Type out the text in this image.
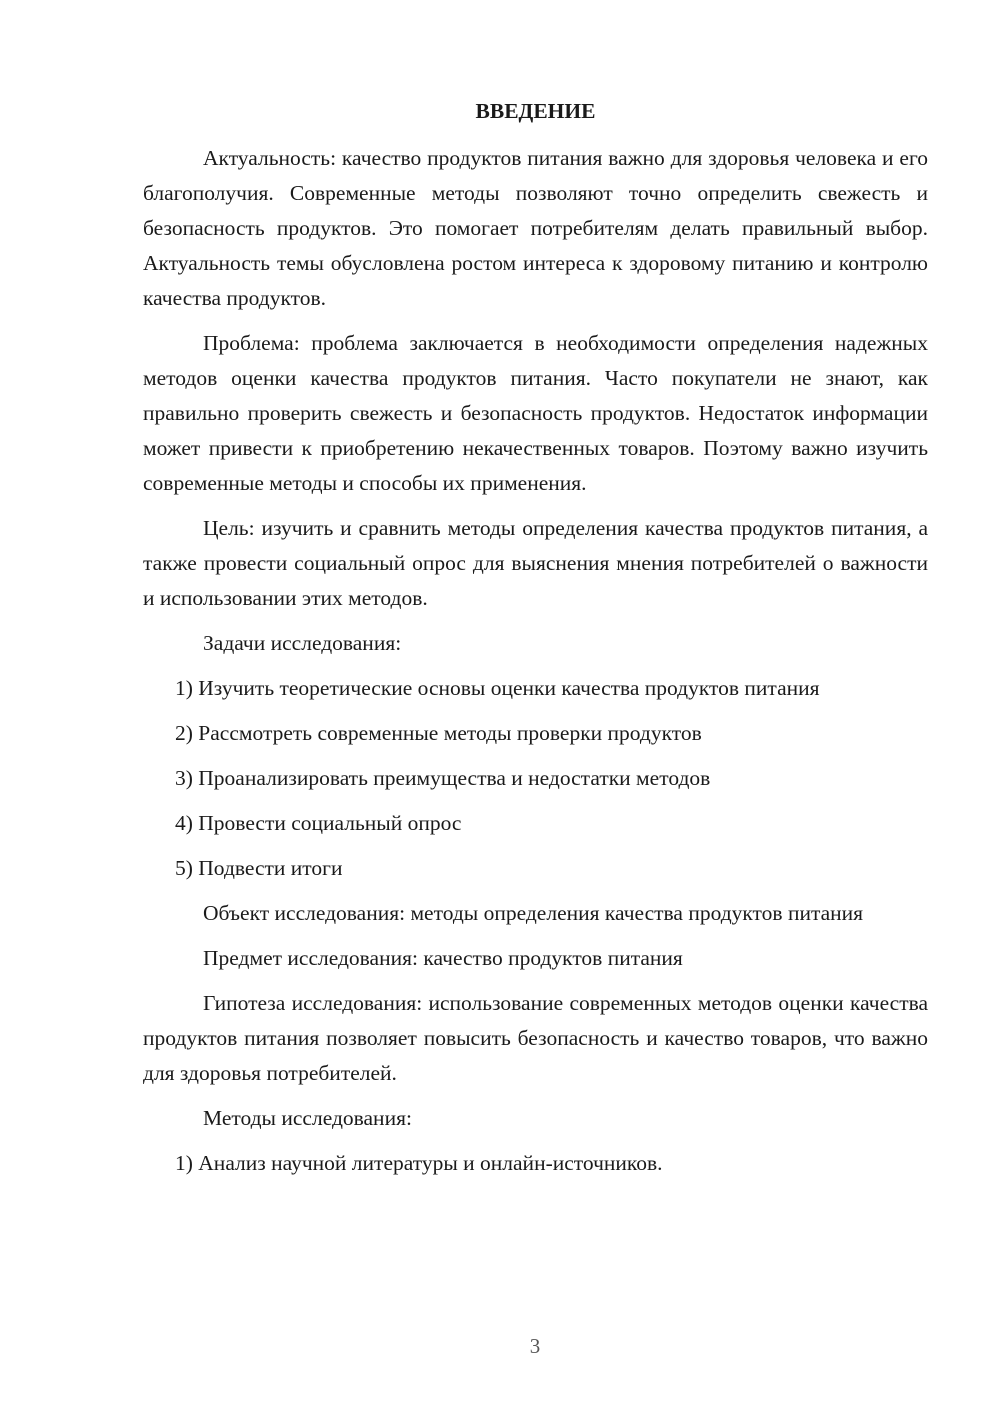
ВВЕДЕНИЕ

Актуальность: качество продуктов питания важно для здоровья человека и его благополучия. Современные методы позволяют точно определить свежесть и безопасность продуктов. Это помогает потребителям делать правильный выбор. Актуальность темы обусловлена ростом интереса к здоровому питанию и контролю качества продуктов.

Проблема: проблема заключается в необходимости определения надежных методов оценки качества продуктов питания. Часто покупатели не знают, как правильно проверить свежесть и безопасность продуктов. Недостаток информации может привести к приобретению некачественных товаров. Поэтому важно изучить современные методы и способы их применения.

Цель: изучить и сравнить методы определения качества продуктов питания, а также провести социальный опрос для выяснения мнения потребителей о важности и использовании этих методов.

Задачи исследования:

1) Изучить теоретические основы оценки качества продуктов питания
2) Рассмотреть современные методы проверки продуктов
3) Проанализировать преимущества и недостатки методов
4) Провести социальный опрос
5) Подвести итоги

Объект исследования: методы определения качества продуктов питания

Предмет исследования: качество продуктов питания

Гипотеза исследования: использование современных методов оценки качества продуктов питания позволяет повысить безопасность и качество товаров, что важно для здоровья потребителей.

Методы исследования:

1) Анализ научной литературы и онлайн-источников.
3
